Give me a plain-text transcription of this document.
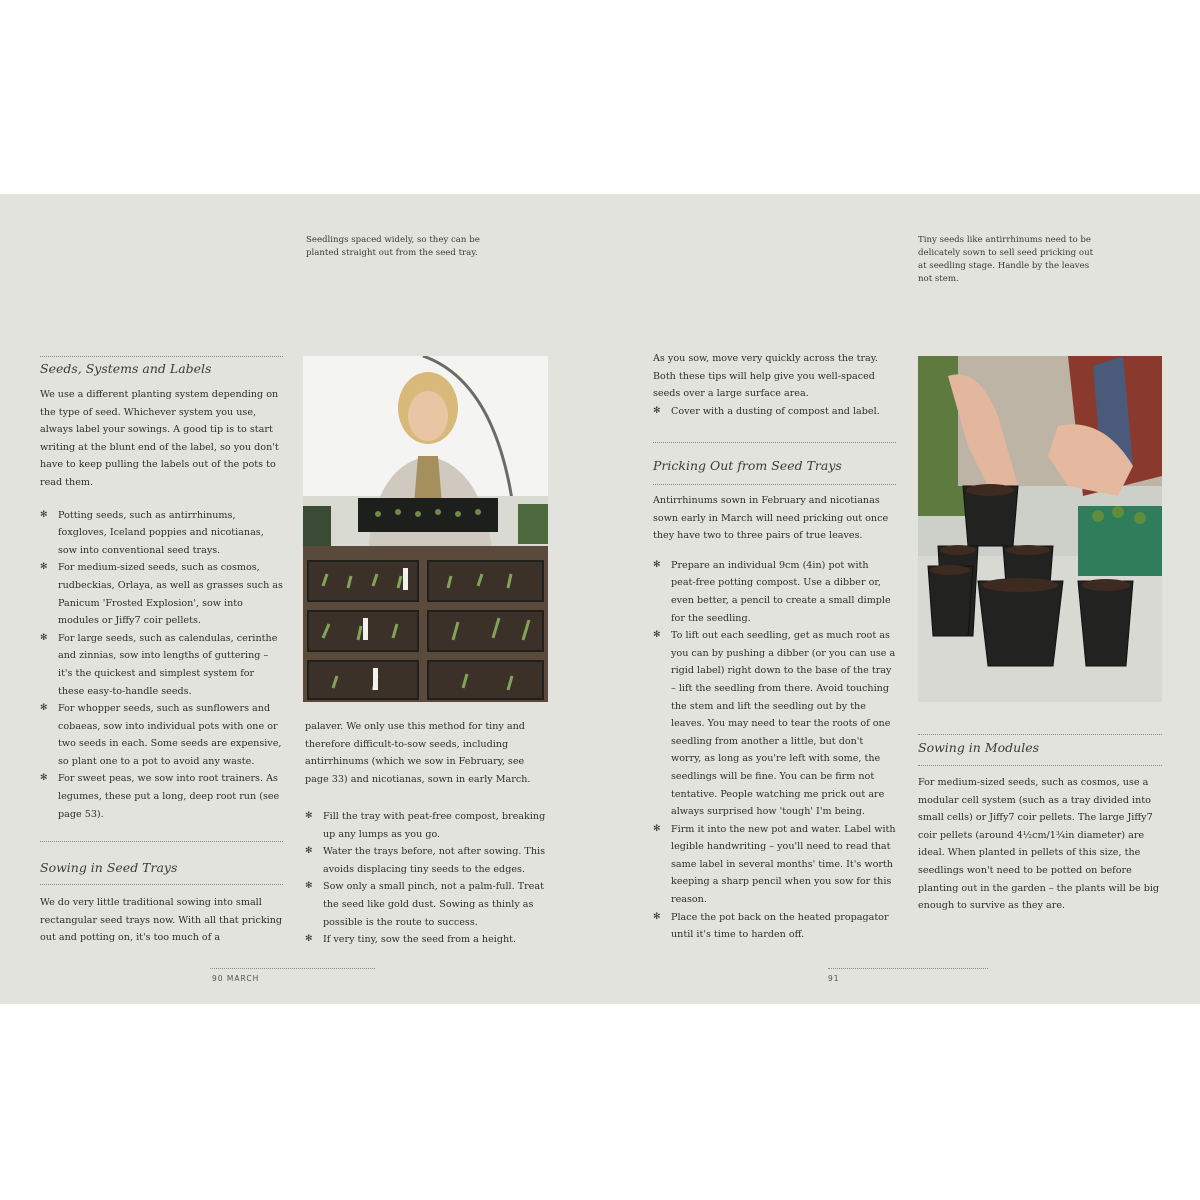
Seedlings spaced widely, so they can be planted straight out from the seed tray.
Seeds, Systems and Labels

We use a different planting system depending on the type of seed. Whichever system you use, always label your sowings. A good tip is to start writing at the blunt end of the label, so you don't have to keep pulling the labels out of the pots to read them.

✻ Potting seeds, such as antirrhinums, foxgloves, Iceland poppies and nicotianas, sow into conventional seed trays.
✻ For medium-sized seeds, such as cosmos, rudbeckias, Orlaya, as well as grasses such as Panicum 'Frosted Explosion', sow into modules or Jiffy7 coir pellets.
✻ For large seeds, such as calendulas, cerinthe and zinnias, sow into lengths of guttering – it's the quickest and simplest system for these easy-to-handle seeds.
✻ For whopper seeds, such as sunflowers and cobaeas, sow into individual pots with one or two seeds in each. Some seeds are expensive, so plant one to a pot to avoid any waste.
✻ For sweet peas, we sow into root trainers. As legumes, these put a long, deep root run (see page 53).
Sowing in Seed Trays

We do very little traditional sowing into small rectangular seed trays now. With all that pricking out and potting on, it's too much of a

palaver. We only use this method for tiny and therefore difficult-to-sow seeds, including antirrhinums (which we sow in February, see page 33) and nicotianas, sown in early March.

✻ Fill the tray with peat-free compost, breaking up any lumps as you go.
✻ Water the trays before, not after sowing. This avoids displacing tiny seeds to the edges.
✻ Sow only a small pinch, not a palm-full. Treat the seed like gold dust. Sowing as thinly as possible is the route to success.
✻ If very tiny, sow the seed from a height.
90 MARCH
Tiny seeds like antirrhinums need to be delicately sown to sell seed pricking out at seedling stage. Handle by the leaves not stem.

As you sow, move very quickly across the tray. Both these tips will help give you well-spaced seeds over a large surface area.

✻ Cover with a dusting of compost and label.
Pricking Out from Seed Trays

Antirrhinums sown in February and nicotianas sown early in March will need pricking out once they have two to three pairs of true leaves.

✻ Prepare an individual 9cm (4in) pot with peat-free potting compost. Use a dibber or, even better, a pencil to create a small dimple for the seedling.
✻ To lift out each seedling, get as much root as you can by pushing a dibber (or you can use a rigid label) right down to the base of the tray – lift the seedling from there. Avoid touching the stem and lift the seedling out by the leaves. You may need to tear the roots of one seedling from another a little, but don't worry, as long as you're left with some, the seedlings will be fine. You can be firm not tentative. People watching me prick out are always surprised how 'tough' I'm being.
✻ Firm it into the new pot and water. Label with legible handwriting – you'll need to read that same label in several months' time. It's worth keeping a sharp pencil when you sow for this reason.
✻ Place the pot back on the heated propagator until it's time to harden off.
Sowing in Modules

For medium-sized seeds, such as cosmos, use a modular cell system (such as a tray divided into small cells) or Jiffy7 coir pellets. The large Jiffy7 coir pellets (around 4½cm/1¾in diameter) are ideal. When planted in pellets of this size, the seedlings won't need to be potted on before planting out in the garden – the plants will be big enough to survive as they are.

91
